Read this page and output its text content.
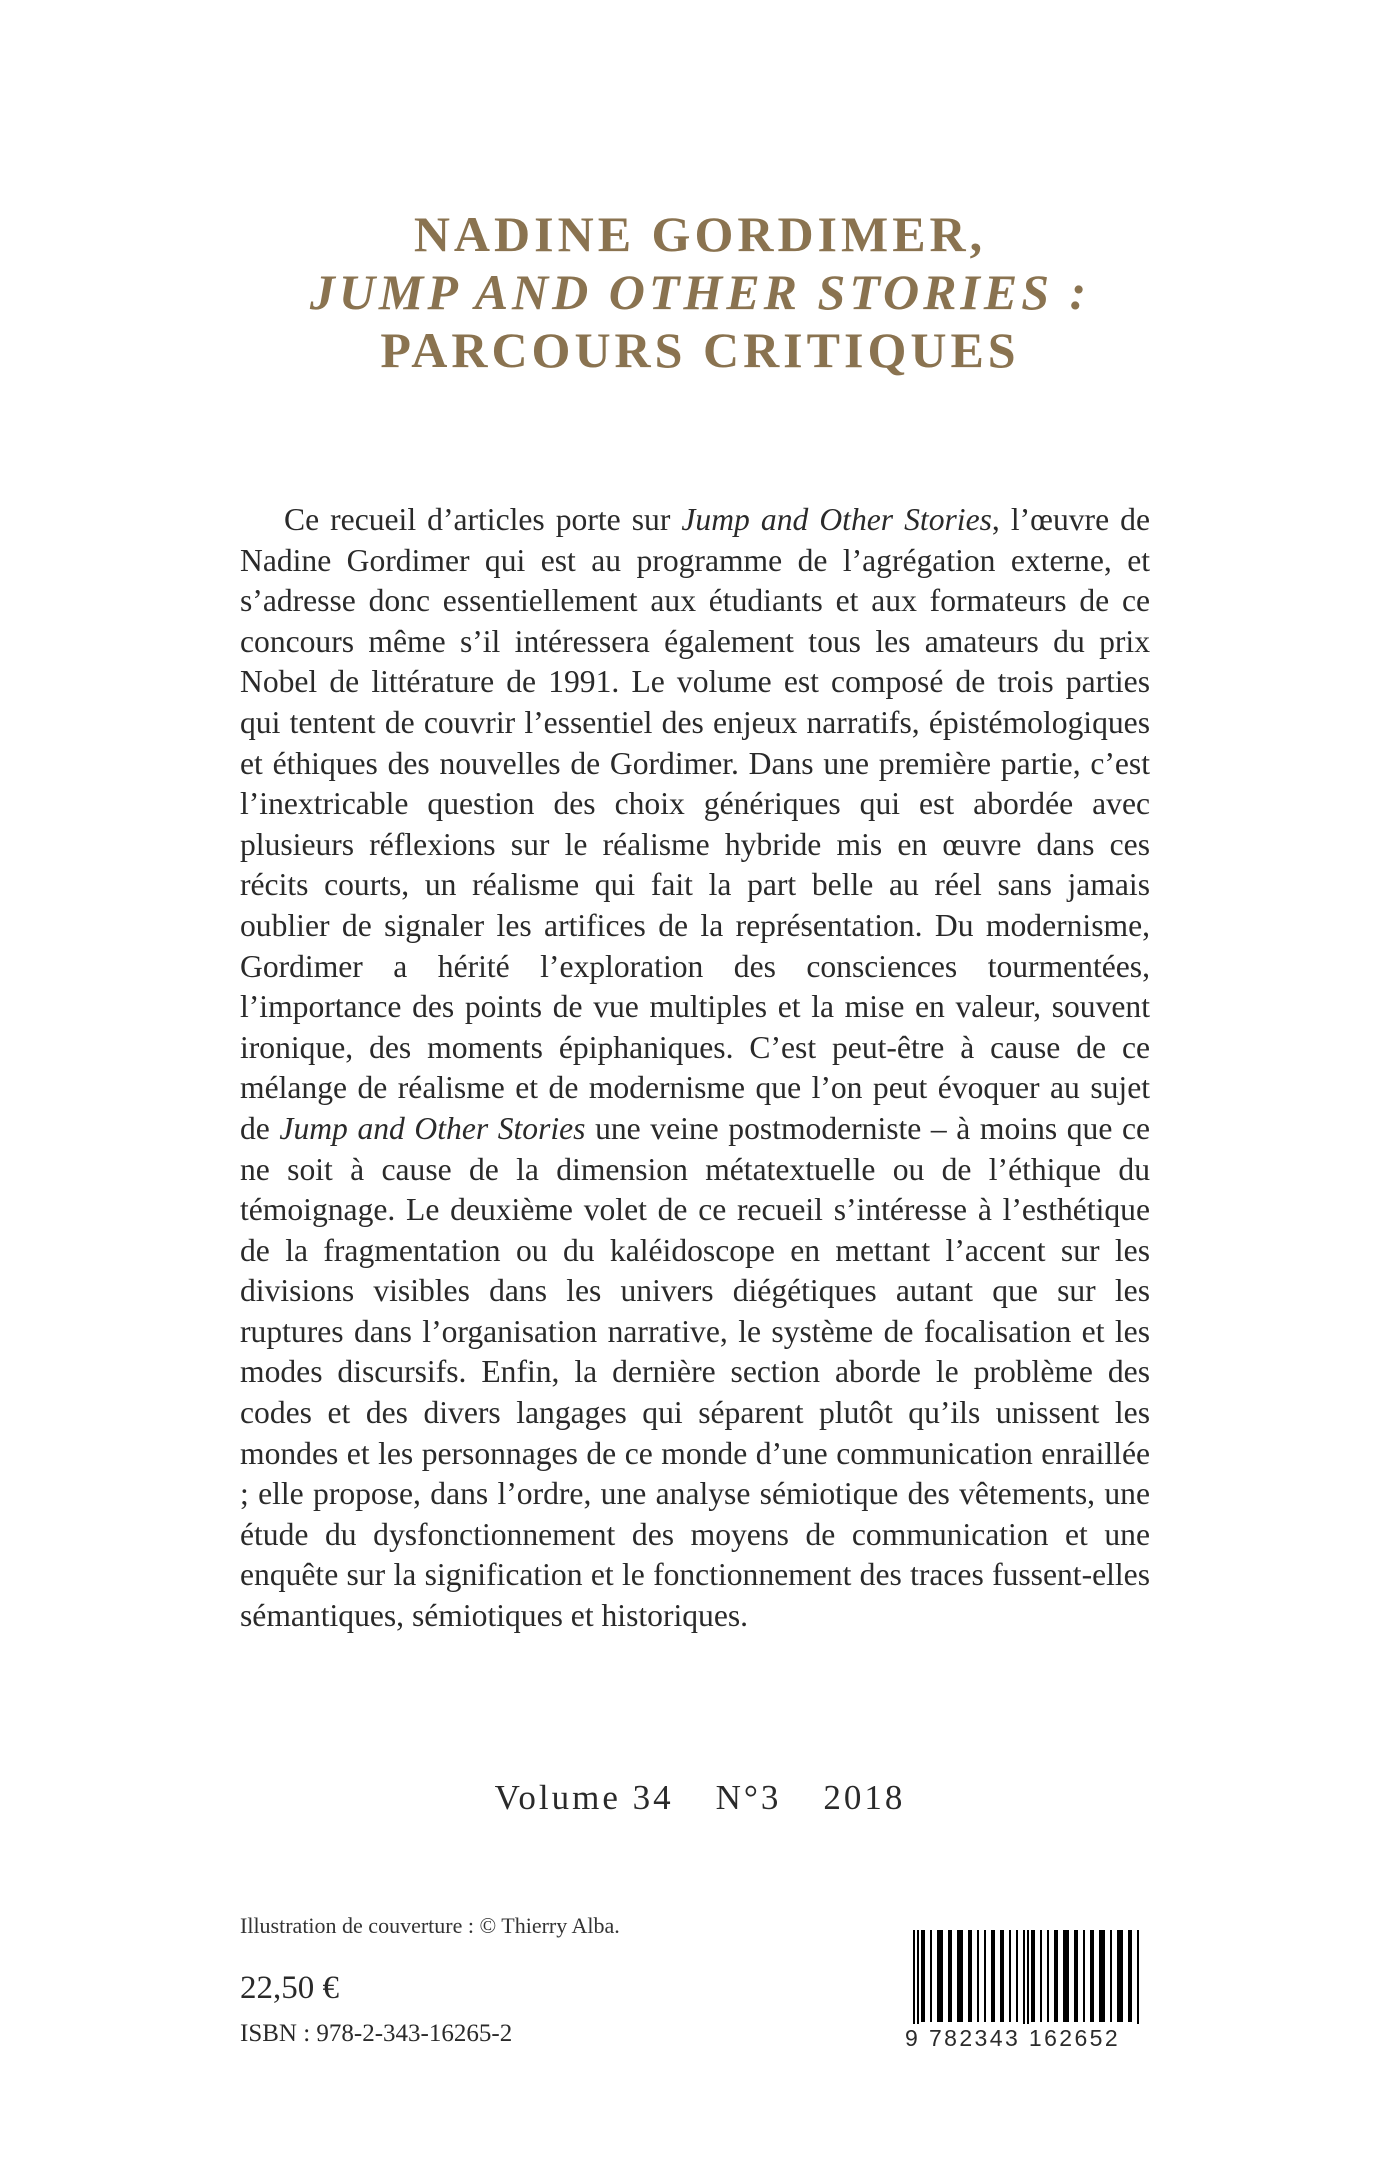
NADINE GORDIMER,
JUMP AND OTHER STORIES :
PARCOURS CRITIQUES
Ce recueil d’articles porte sur Jump and Other Stories, l’œuvre de Nadine Gordimer qui est au programme de l’agrégation externe, et s’adresse donc essentiellement aux étudiants et aux formateurs de ce concours même s’il intéressera également tous les amateurs du prix Nobel de littérature de 1991. Le volume est composé de trois parties qui tentent de couvrir l’essentiel des enjeux narratifs, épistémologiques et éthiques des nouvelles de Gordimer. Dans une première partie, c’est l’inextricable question des choix génériques qui est abordée avec plusieurs réflexions sur le réalisme hybride mis en œuvre dans ces récits courts, un réalisme qui fait la part belle au réel sans jamais oublier de signaler les artifices de la représentation. Du modernisme, Gordimer a hérité l’exploration des consciences tourmentées, l’importance des points de vue multiples et la mise en valeur, souvent ironique, des moments épiphaniques. C’est peut-être à cause de ce mélange de réalisme et de modernisme que l’on peut évoquer au sujet de Jump and Other Stories une veine postmoderniste – à moins que ce ne soit à cause de la dimension métatextuelle ou de l’éthique du témoignage. Le deuxième volet de ce recueil s’intéresse à l’esthétique de la fragmentation ou du kaléidoscope en mettant l’accent sur les divisions visibles dans les univers diégétiques autant que sur les ruptures dans l’organisation narrative, le système de focalisation et les modes discursifs. Enfin, la dernière section aborde le problème des codes et des divers langages qui séparent plutôt qu’ils unissent les mondes et les personnages de ce monde d’une communication enraillée ; elle propose, dans l’ordre, une analyse sémiotique des vêtements, une étude du dysfonctionnement des moyens de communication et une enquête sur la signification et le fonctionnement des traces fussent-elles sémantiques, sémiotiques et historiques.
Volume 34 N°3 2018
Illustration de couverture : © Thierry Alba.
22,50 €
ISBN : 978-2-343-16265-2	9 782343 162652
